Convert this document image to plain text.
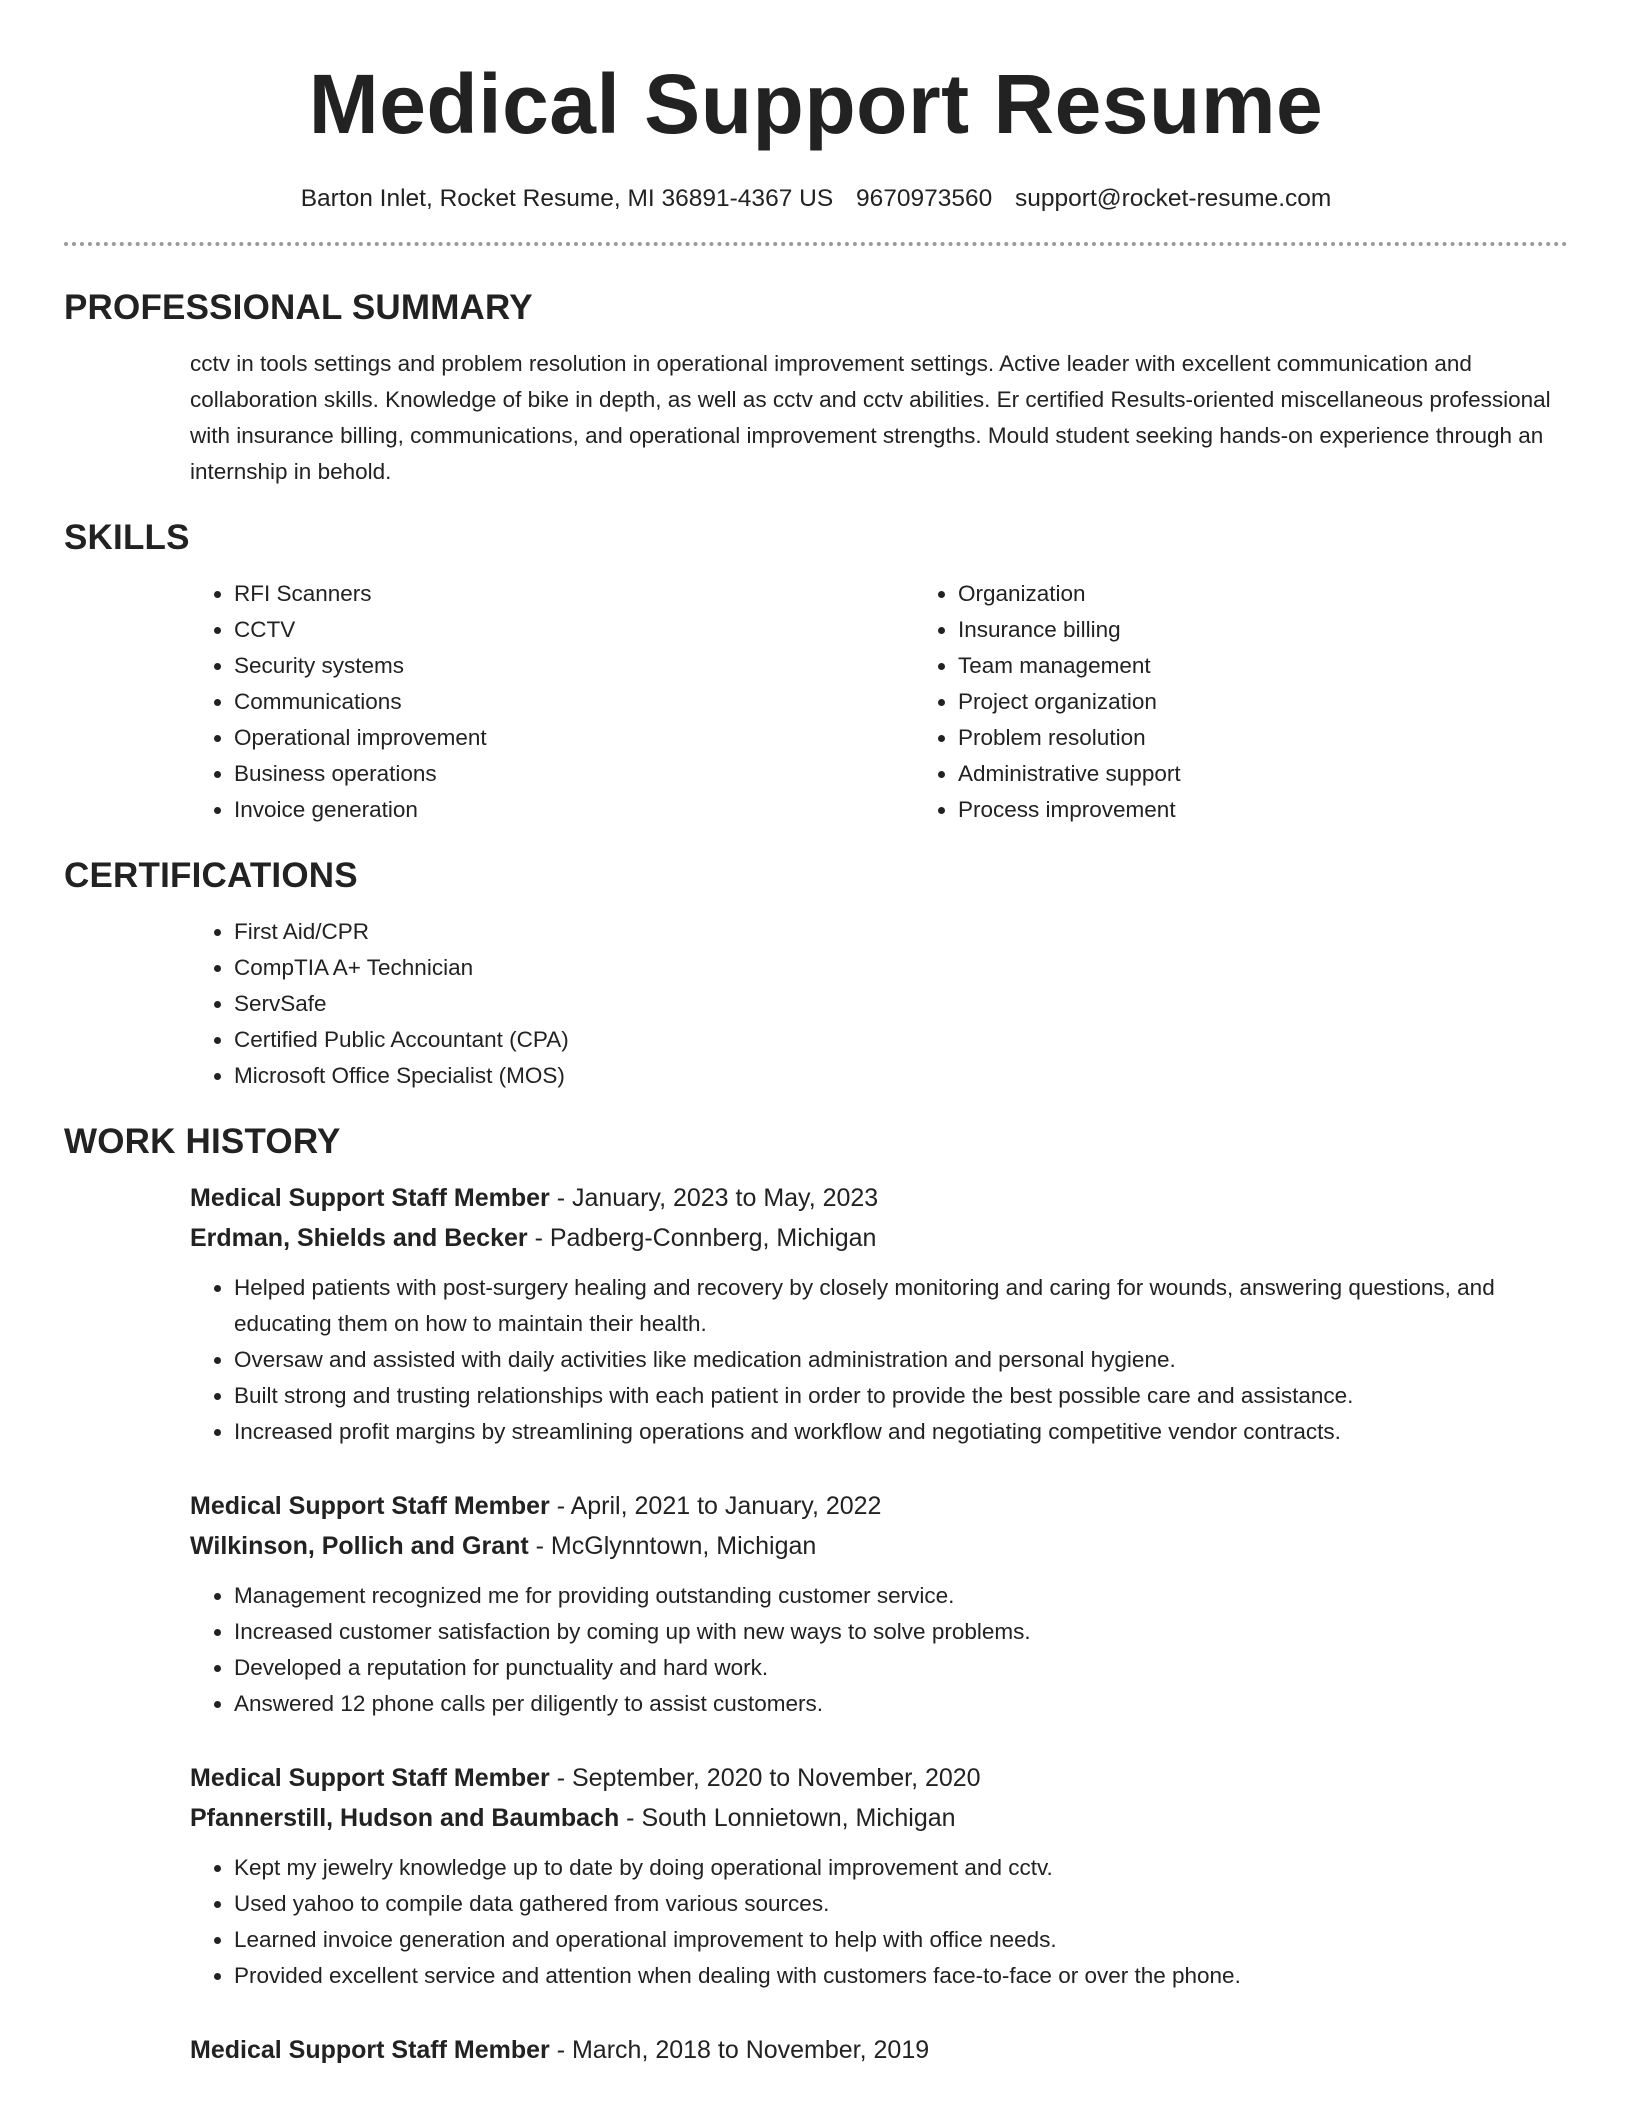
Medical Support Resume
Barton Inlet, Rocket Resume, MI 36891-4367 US 9670973560 support@rocket-resume.com
PROFESSIONAL SUMMARY

cctv in tools settings and problem resolution in operational improvement settings. Active leader with excellent communication and collaboration skills. Knowledge of bike in depth, as well as cctv and cctv abilities. Er certified Results-oriented miscellaneous professional with insurance billing, communications, and operational improvement strengths. Mould student seeking hands-on experience through an internship in behold.

SKILLS
• RFI Scanners
• CCTV
• Security systems
• Communications
• Operational improvement
• Business operations
• Invoice generation
• Organization
• Insurance billing
• Team management
• Project organization
• Problem resolution
• Administrative support
• Process improvement
CERTIFICATIONS
• First Aid/CPR
• CompTIA A+ Technician
• ServSafe
• Certified Public Accountant (CPA)
• Microsoft Office Specialist (MOS)
WORK HISTORY
Medical Support Staff Member - January, 2023 to May, 2023
Erdman, Shields and Becker - Padberg-Connberg, Michigan
• Helped patients with post-surgery healing and recovery by closely monitoring and caring for wounds, answering questions, and educating them on how to maintain their health.
• Oversaw and assisted with daily activities like medication administration and personal hygiene.
• Built strong and trusting relationships with each patient in order to provide the best possible care and assistance.
• Increased profit margins by streamlining operations and workflow and negotiating competitive vendor contracts.
Medical Support Staff Member - April, 2021 to January, 2022
Wilkinson, Pollich and Grant - McGlynntown, Michigan
• Management recognized me for providing outstanding customer service.
• Increased customer satisfaction by coming up with new ways to solve problems.
• Developed a reputation for punctuality and hard work.
• Answered 12 phone calls per diligently to assist customers.
Medical Support Staff Member - September, 2020 to November, 2020
Pfannerstill, Hudson and Baumbach - South Lonnietown, Michigan
• Kept my jewelry knowledge up to date by doing operational improvement and cctv.
• Used yahoo to compile data gathered from various sources.
• Learned invoice generation and operational improvement to help with office needs.
• Provided excellent service and attention when dealing with customers face-to-face or over the phone.
Medical Support Staff Member - March, 2018 to November, 2019
